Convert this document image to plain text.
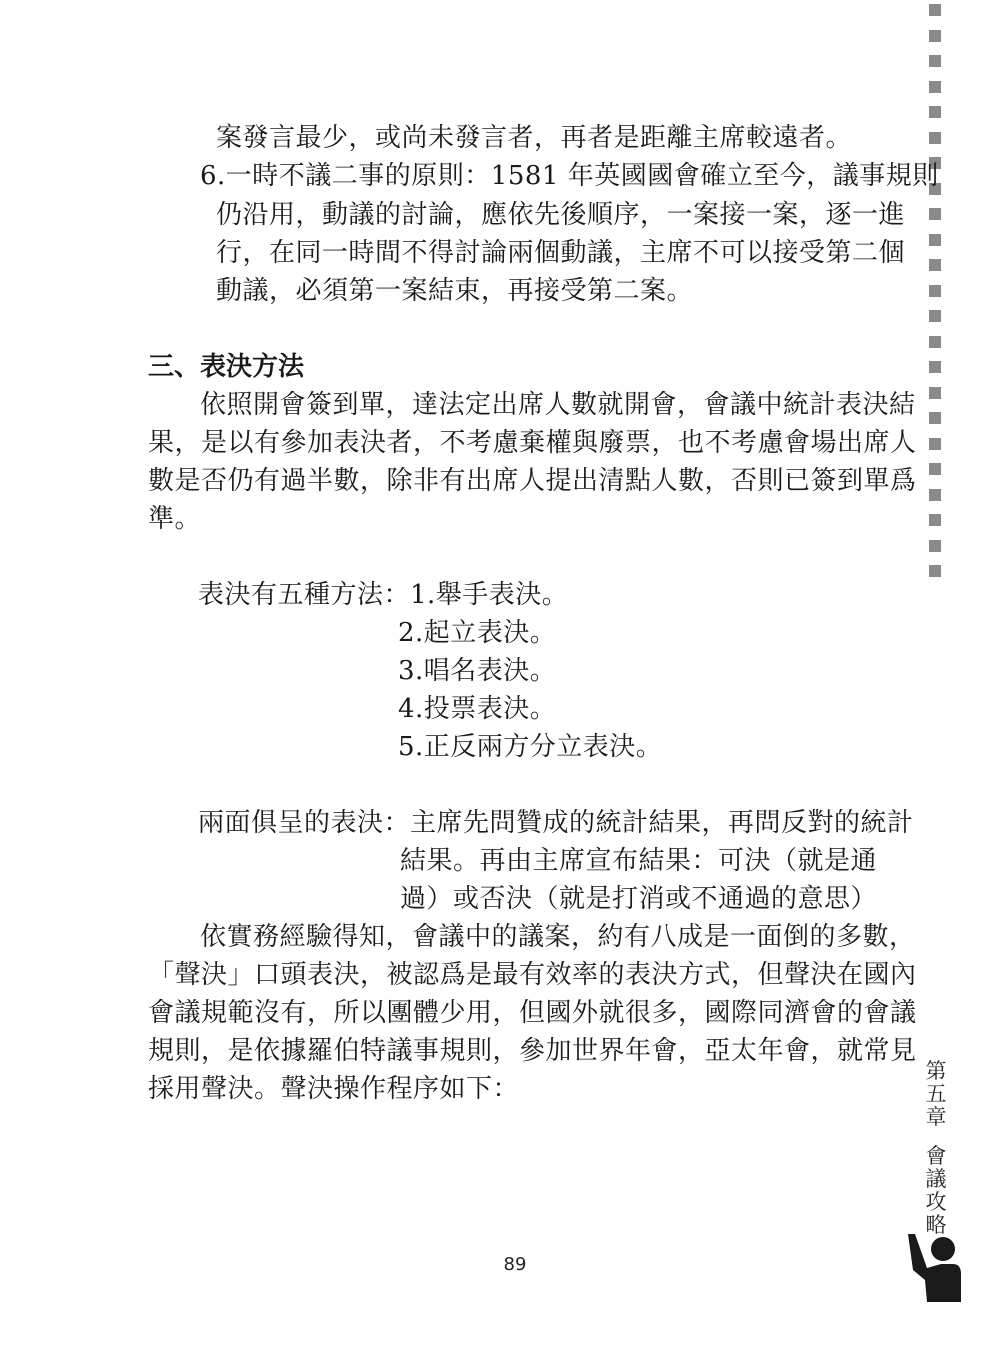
案發言最少，或尚未發言者，再者是距離主席較遠者。
6.一時不議二事的原則：1581 年英國國會確立至今，議事規則
仍沿用，動議的討論，應依先後順序，一案接一案，逐一進
行，在同一時間不得討論兩個動議，主席不可以接受第二個
動議，必須第一案結束，再接受第二案。
三、表決方法
依照開會簽到單，達法定出席人數就開會，會議中統計表決結
果，是以有參加表決者，不考慮棄權與廢票，也不考慮會場出席人
數是否仍有過半數，除非有出席人提出清點人數，否則已簽到單爲
準。
表決有五種方法：1.舉手表決。
2.起立表決。
3.唱名表決。
4.投票表決。
5.正反兩方分立表決。
兩面俱呈的表決：主席先問贊成的統計結果，再問反對的統計
結果。再由主席宣布結果：可決（就是通
過）或否決（就是打消或不通過的意思）
依實務經驗得知，會議中的議案，約有八成是一面倒的多數，
「聲決」口頭表決，被認爲是最有效率的表決方式，但聲決在國內
會議規範沒有，所以團體少用，但國外就很多，國際同濟會的會議
規則，是依據羅伯特議事規則，參加世界年會，亞太年會，就常見
採用聲決。聲決操作程序如下：
第五章
會議攻略
89
